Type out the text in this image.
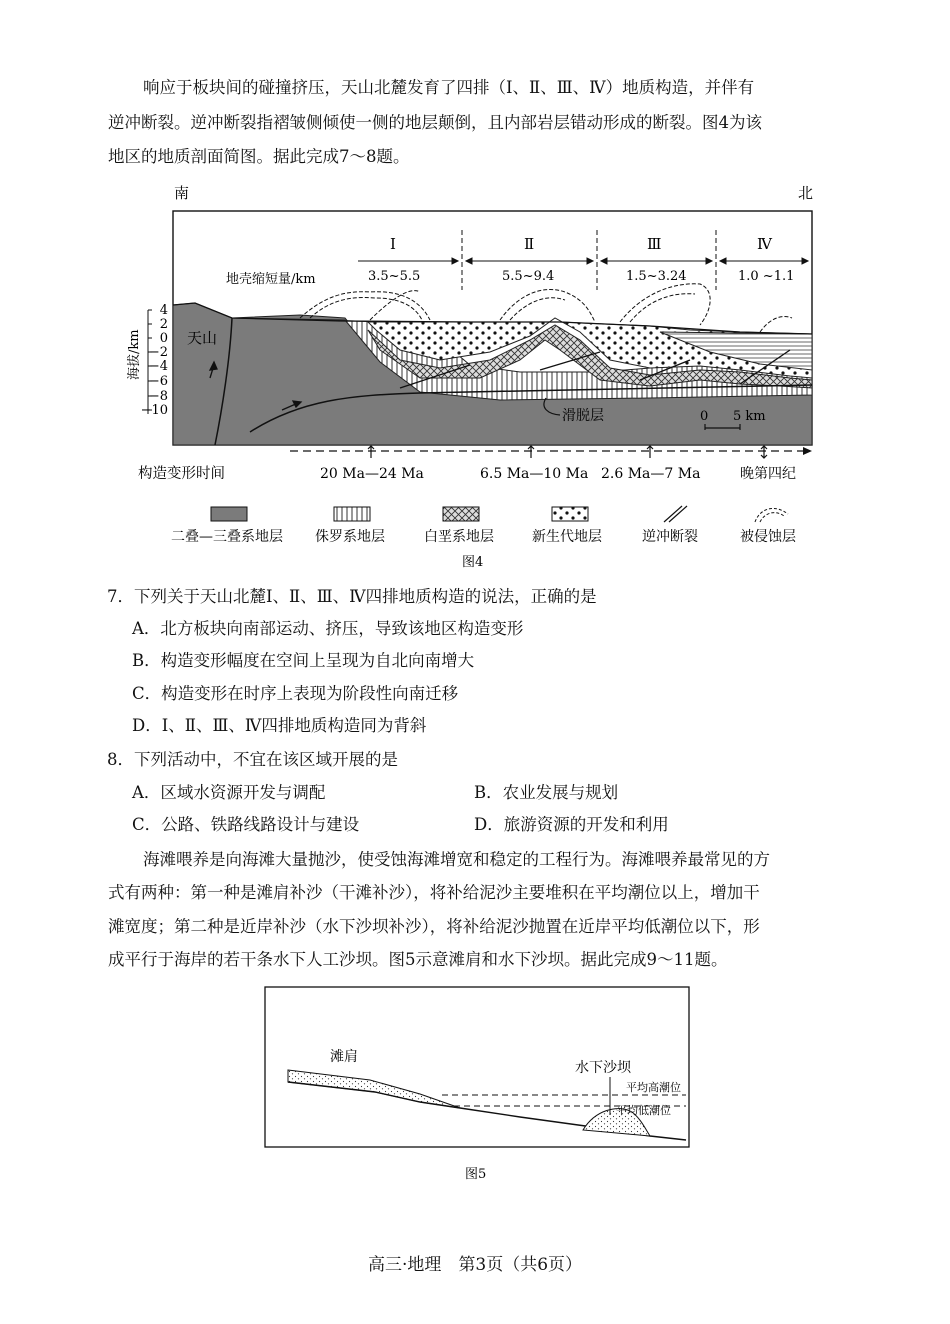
响应于板块间的碰撞挤压，天山北麓发育了四排（Ⅰ、Ⅱ、Ⅲ、Ⅳ）地质构造，并伴有
逆冲断裂。逆冲断裂指褶皱侧倾使一侧的地层颠倒，且内部岩层错动形成的断裂。图4为该
地区的地质剖面简图。据此完成7～8题。
南	北
Ⅰ	Ⅱ	Ⅲ	Ⅳ
地壳缩短量/km	3.5~5.5	5.5~9.4	1.5~3.24	1.0 ~1.1
4
2
0
−2
−4
−6
−8
−10
海拔/km	天山
滑脱层	0 5 km
构造变形时间	20 Ma—24 Ma	6.5 Ma—10 Ma 2.6 Ma—7 Ma	晚第四纪
二叠—三叠系地层 侏罗系地层	白垩系地层	新生代地层	逆冲断裂	被侵蚀层
图4
7．下列关于天山北麓Ⅰ、Ⅱ、Ⅲ、Ⅳ四排地质构造的说法，正确的是
A．北方板块向南部运动、挤压，导致该地区构造变形
B．构造变形幅度在空间上呈现为自北向南增大
C．构造变形在时序上表现为阶段性向南迁移
D．Ⅰ、Ⅱ、Ⅲ、Ⅳ四排地质构造同为背斜
8．下列活动中，不宜在该区域开展的是
A．区域水资源开发与调配	B．农业发展与规划
C．公路、铁路线路设计与建设	D．旅游资源的开发和利用
海滩喂养是向海滩大量抛沙，使受蚀海滩增宽和稳定的工程行为。海滩喂养最常见的方
式有两种：第一种是滩肩补沙（干滩补沙），将补给泥沙主要堆积在平均潮位以上，增加干
滩宽度；第二种是近岸补沙（水下沙坝补沙），将补给泥沙抛置在近岸平均低潮位以下，形
成平行于海岸的若干条水下人工沙坝。图5示意滩肩和水下沙坝。据此完成9～11题。
滩肩
水下沙坝
平均高潮位
平均低潮位
图5
高三·地理　第3页（共6页）
